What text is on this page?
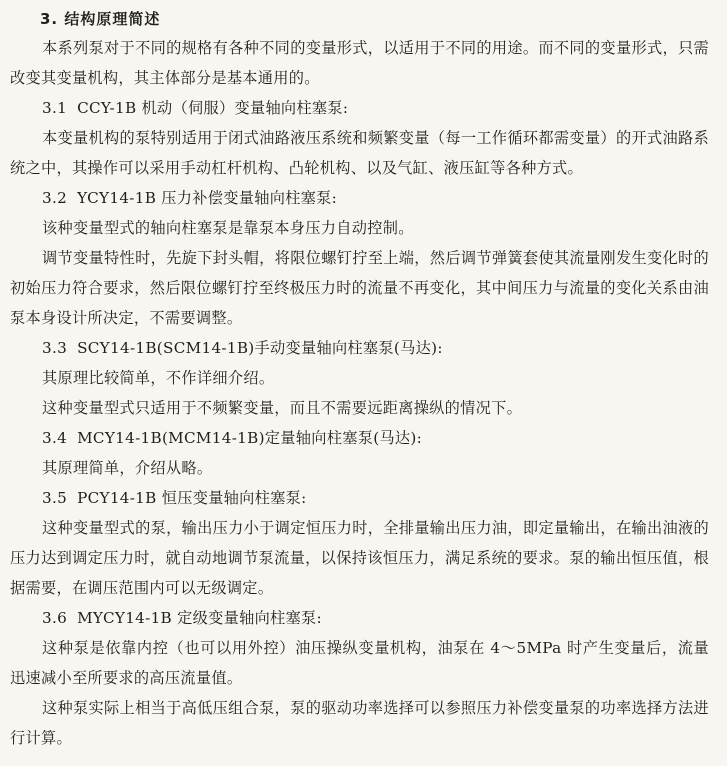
3. 结构原理简述

本系列泵对于不同的规格有各种不同的变量形式，以适用于不同的用途。而不同的变量形式，只需改变其变量机构，其主体部分是基本通用的。

3.1 CCY-1B 机动（伺服）变量轴向柱塞泵:

本变量机构的泵特别适用于闭式油路液压系统和频繁变量（每一工作循环都需变量）的开式油路系统之中，其操作可以采用手动杠杆机构、凸轮机构、以及气缸、液压缸等各种方式。

3.2 YCY14-1B 压力补偿变量轴向柱塞泵:

该种变量型式的轴向柱塞泵是靠泵本身压力自动控制。

调节变量特性时，先旋下封头帽，将限位螺钉拧至上端，然后调节弹簧套使其流量刚发生变化时的初始压力符合要求，然后限位螺钉拧至终极压力时的流量不再变化，其中间压力与流量的变化关系由油泵本身设计所决定，不需要调整。

3.3 SCY14-1B(SCM14-1B)手动变量轴向柱塞泵(马达):

其原理比较简单，不作详细介绍。

这种变量型式只适用于不频繁变量，而且不需要远距离操纵的情况下。

3.4 MCY14-1B(MCM14-1B)定量轴向柱塞泵(马达):

其原理简单，介绍从略。

3.5 PCY14-1B 恒压变量轴向柱塞泵:

这种变量型式的泵，输出压力小于调定恒压力时，全排量输出压力油，即定量输出，在输出油液的压力达到调定压力时，就自动地调节泵流量，以保持该恒压力，满足系统的要求。泵的输出恒压值，根据需要，在调压范围内可以无级调定。

3.6 MYCY14-1B 定级变量轴向柱塞泵:

这种泵是依靠内控（也可以用外控）油压操纵变量机构，油泵在 4～5MPa 时产生变量后，流量迅速减小至所要求的高压流量值。

这种泵实际上相当于高低压组合泵，泵的驱动功率选择可以参照压力补偿变量泵的功率选择方法进行计算。
